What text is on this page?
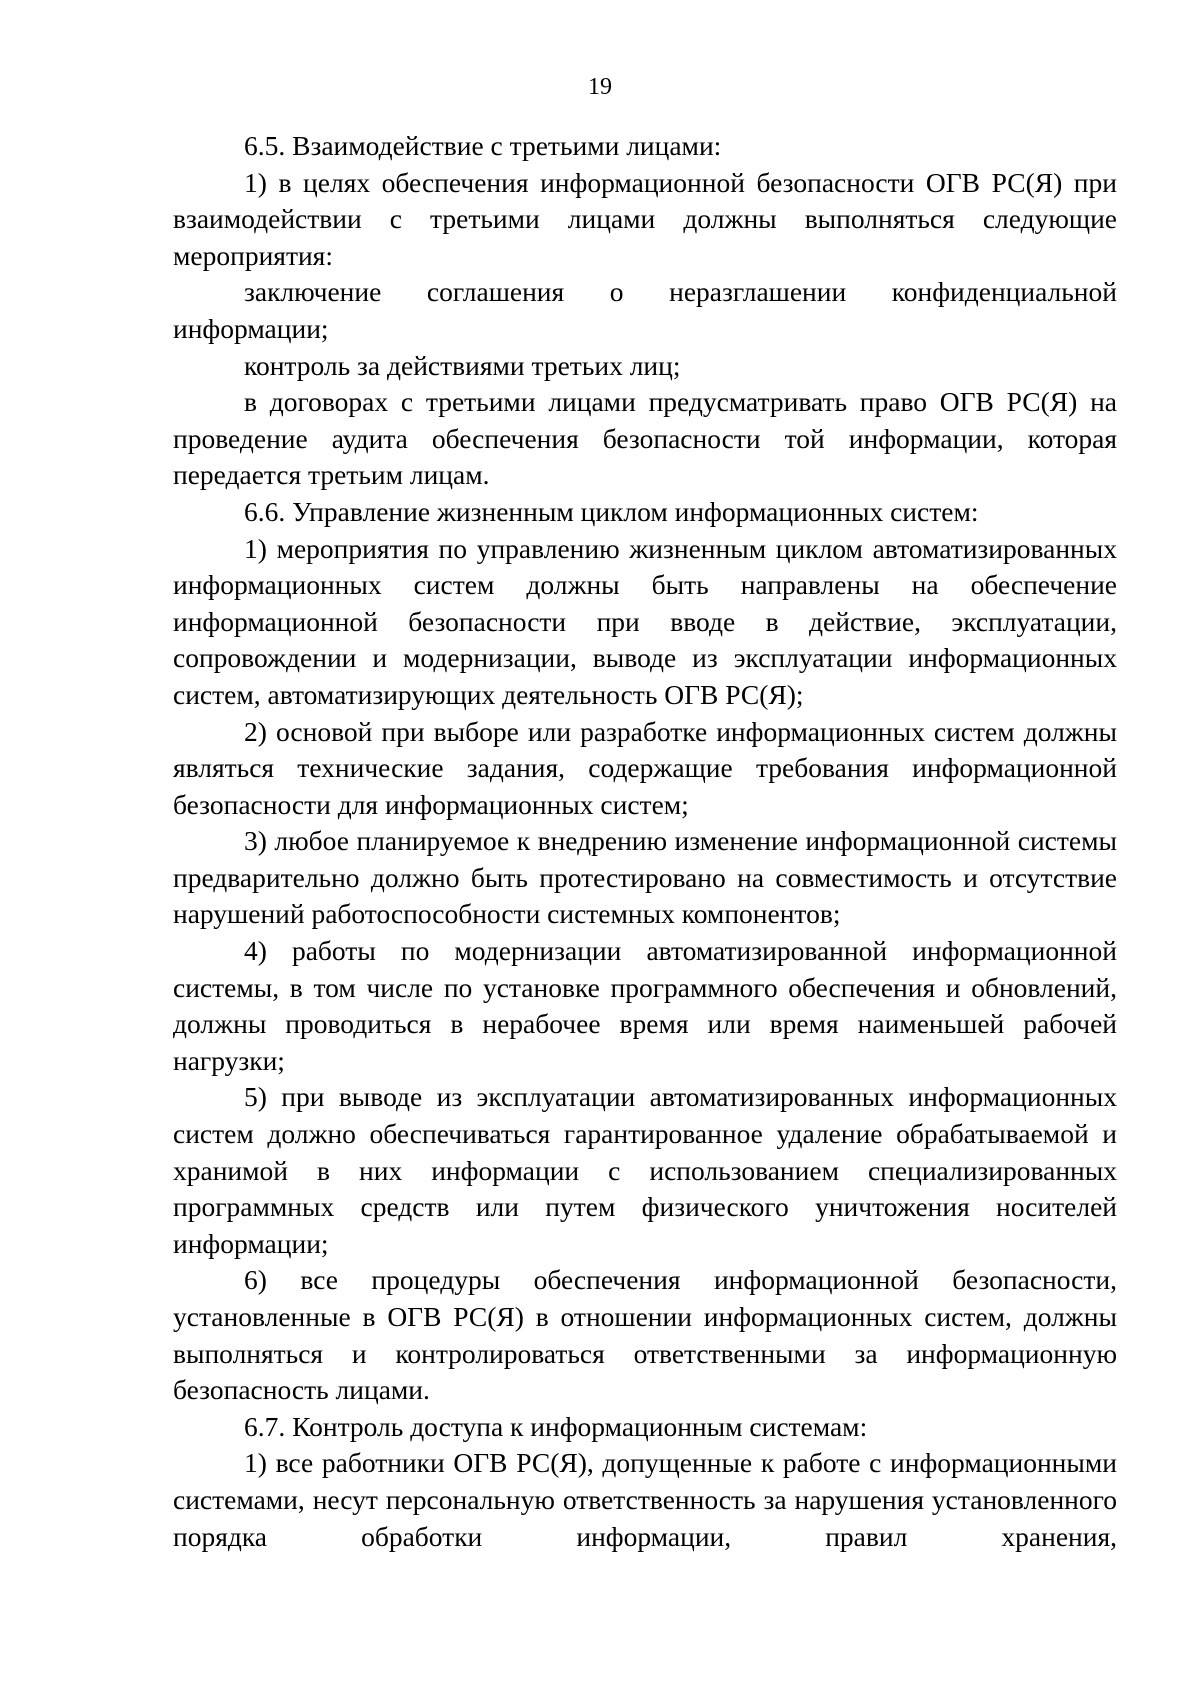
19

6.5. Взаимодействие с третьими лицами:

1) в целях обеспечения информационной безопасности ОГВ РС(Я) при взаимодействии с третьими лицами должны выполняться следующие мероприятия:

заключение соглашения о неразглашении конфиденциальной информации;

контроль за действиями третьих лиц;

в договорах с третьими лицами предусматривать право ОГВ РС(Я) на проведение аудита обеспечения безопасности той информации, которая передается третьим лицам.

6.6. Управление жизненным циклом информационных систем:

1) мероприятия по управлению жизненным циклом автоматизированных информационных систем должны быть направлены на обеспечение информационной безопасности при вводе в действие, эксплуатации, сопровождении и модернизации, выводе из эксплуатации информационных систем, автоматизирующих деятельность ОГВ РС(Я);

2) основой при выборе или разработке информационных систем должны являться технические задания, содержащие требования информационной безопасности для информационных систем;

3) любое планируемое к внедрению изменение информационной системы предварительно должно быть протестировано на совместимость и отсутствие нарушений работоспособности системных компонентов;

4) работы по модернизации автоматизированной информационной системы, в том числе по установке программного обеспечения и обновлений, должны проводиться в нерабочее время или время наименьшей рабочей нагрузки;

5) при выводе из эксплуатации автоматизированных информационных систем должно обеспечиваться гарантированное удаление обрабатываемой и хранимой в них информации с использованием специализированных программных средств или путем физического уничтожения носителей информации;

6) все процедуры обеспечения информационной безопасности, установленные в ОГВ РС(Я) в отношении информационных систем, должны выполняться и контролироваться ответственными за информационную безопасность лицами.

6.7. Контроль доступа к информационным системам:

1) все работники ОГВ РС(Я), допущенные к работе с информационными системами, несут персональную ответственность за нарушения установленного порядка обработки информации, правил хранения,
